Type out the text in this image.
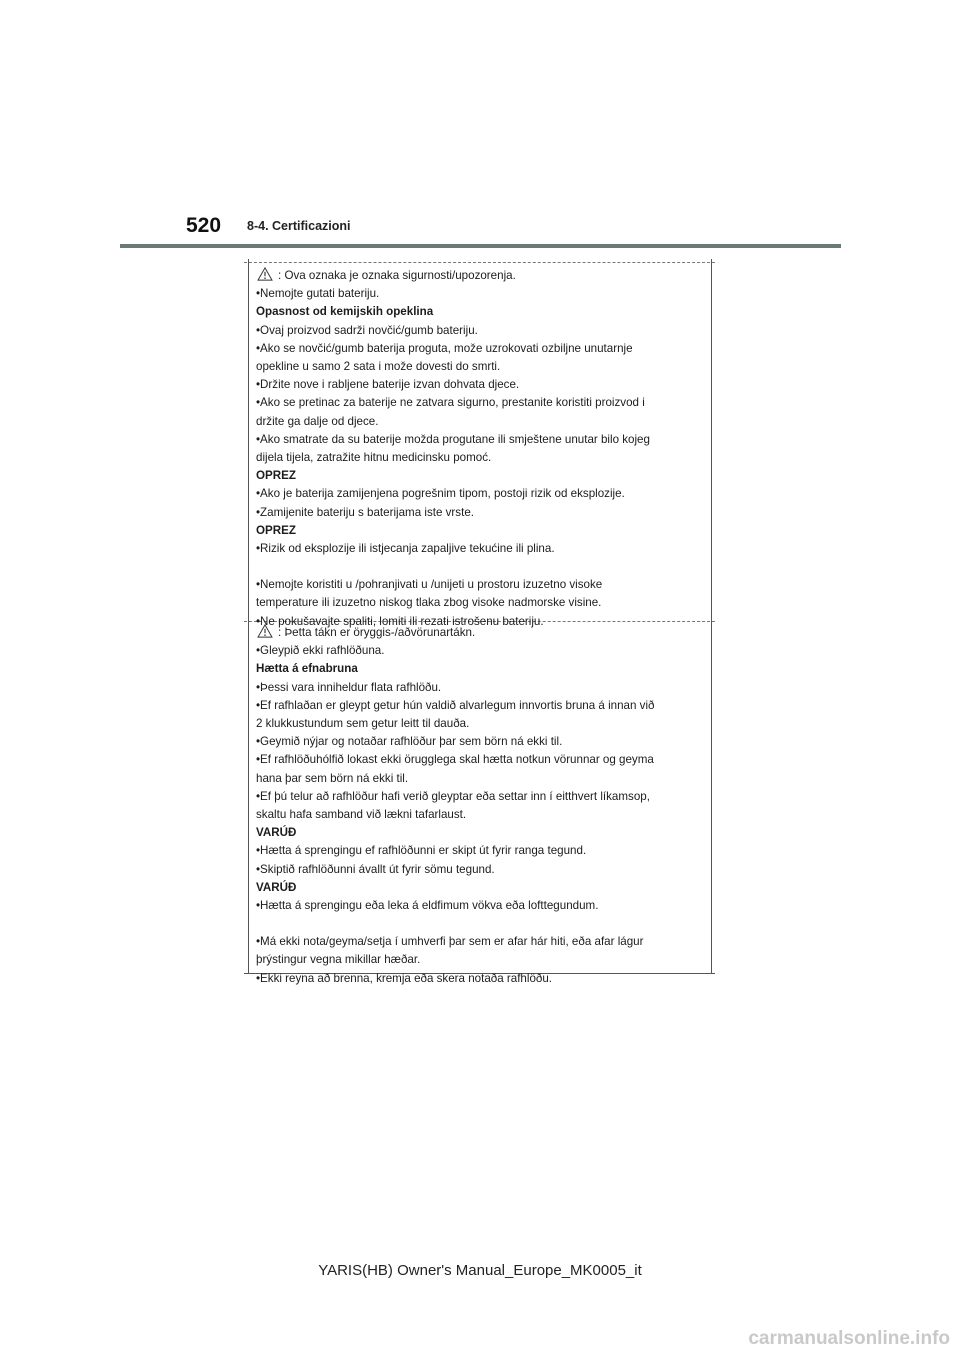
520 8-4. Certificazioni
: Ova oznaka je oznaka sigurnosti/upozorenja.
•Nemojte gutati bateriju.
Opasnost od kemijskih opeklina
•Ovaj proizvod sadrži novčić/gumb bateriju.
•Ako se novčić/gumb baterija proguta, može uzrokovati ozbiljne unutarnje
opekline u samo 2 sata i može dovesti do smrti.
•Držite nove i rabljene baterije izvan dohvata djece.
•Ako se pretinac za baterije ne zatvara sigurno, prestanite koristiti proizvod i
držite ga dalje od djece.
•Ako smatrate da su baterije možda progutane ili smještene unutar bilo kojeg
dijela tijela, zatražite hitnu medicinsku pomoć.
OPREZ
•Ako je baterija zamijenjena pogrešnim tipom, postoji rizik od eksplozije.
•Zamijenite bateriju s baterijama iste vrste.
OPREZ
•Rizik od eksplozije ili istjecanja zapaljive tekućine ili plina.
•Nemojte koristiti u /pohranjivati u /unijeti u prostoru izuzetno visoke
temperature ili izuzetno niskog tlaka zbog visoke nadmorske visine.
•Ne pokušavajte spaliti, lomiti ili rezati istrošenu bateriju.
: Þetta tákn er öryggis-/aðvörunartákn.
•Gleypið ekki rafhlöðuna.
Hætta á efnabruna
•Þessi vara inniheldur flata rafhlöðu.
•Ef rafhlaðan er gleypt getur hún valdið alvarlegum innvortis bruna á innan við
2 klukkustundum sem getur leitt til dauða.
•Geymið nýjar og notaðar rafhlöður þar sem börn ná ekki til.
•Ef rafhlöðuhólfið lokast ekki örugglega skal hætta notkun vörunnar og geyma
hana þar sem börn ná ekki til.
•Ef þú telur að rafhlöður hafi verið gleyptar eða settar inn í eitthvert líkamsop,
skaltu hafa samband við lækni tafarlaust.
VARÚÐ
•Hætta á sprengingu ef rafhlöðunni er skipt út fyrir ranga tegund.
•Skiptið rafhlöðunni ávallt út fyrir sömu tegund.
VARÚÐ
•Hætta á sprengingu eða leka á eldfimum vökva eða lofttegundum.
•Má ekki nota/geyma/setja í umhverfi þar sem er afar hár hiti, eða afar lágur
þrýstingur vegna mikillar hæðar.
•Ekki reyna að brenna, kremja eða skera notaða rafhlöðu.
YARIS(HB) Owner's Manual_Europe_MK0005_it
carmanualsonline.info
